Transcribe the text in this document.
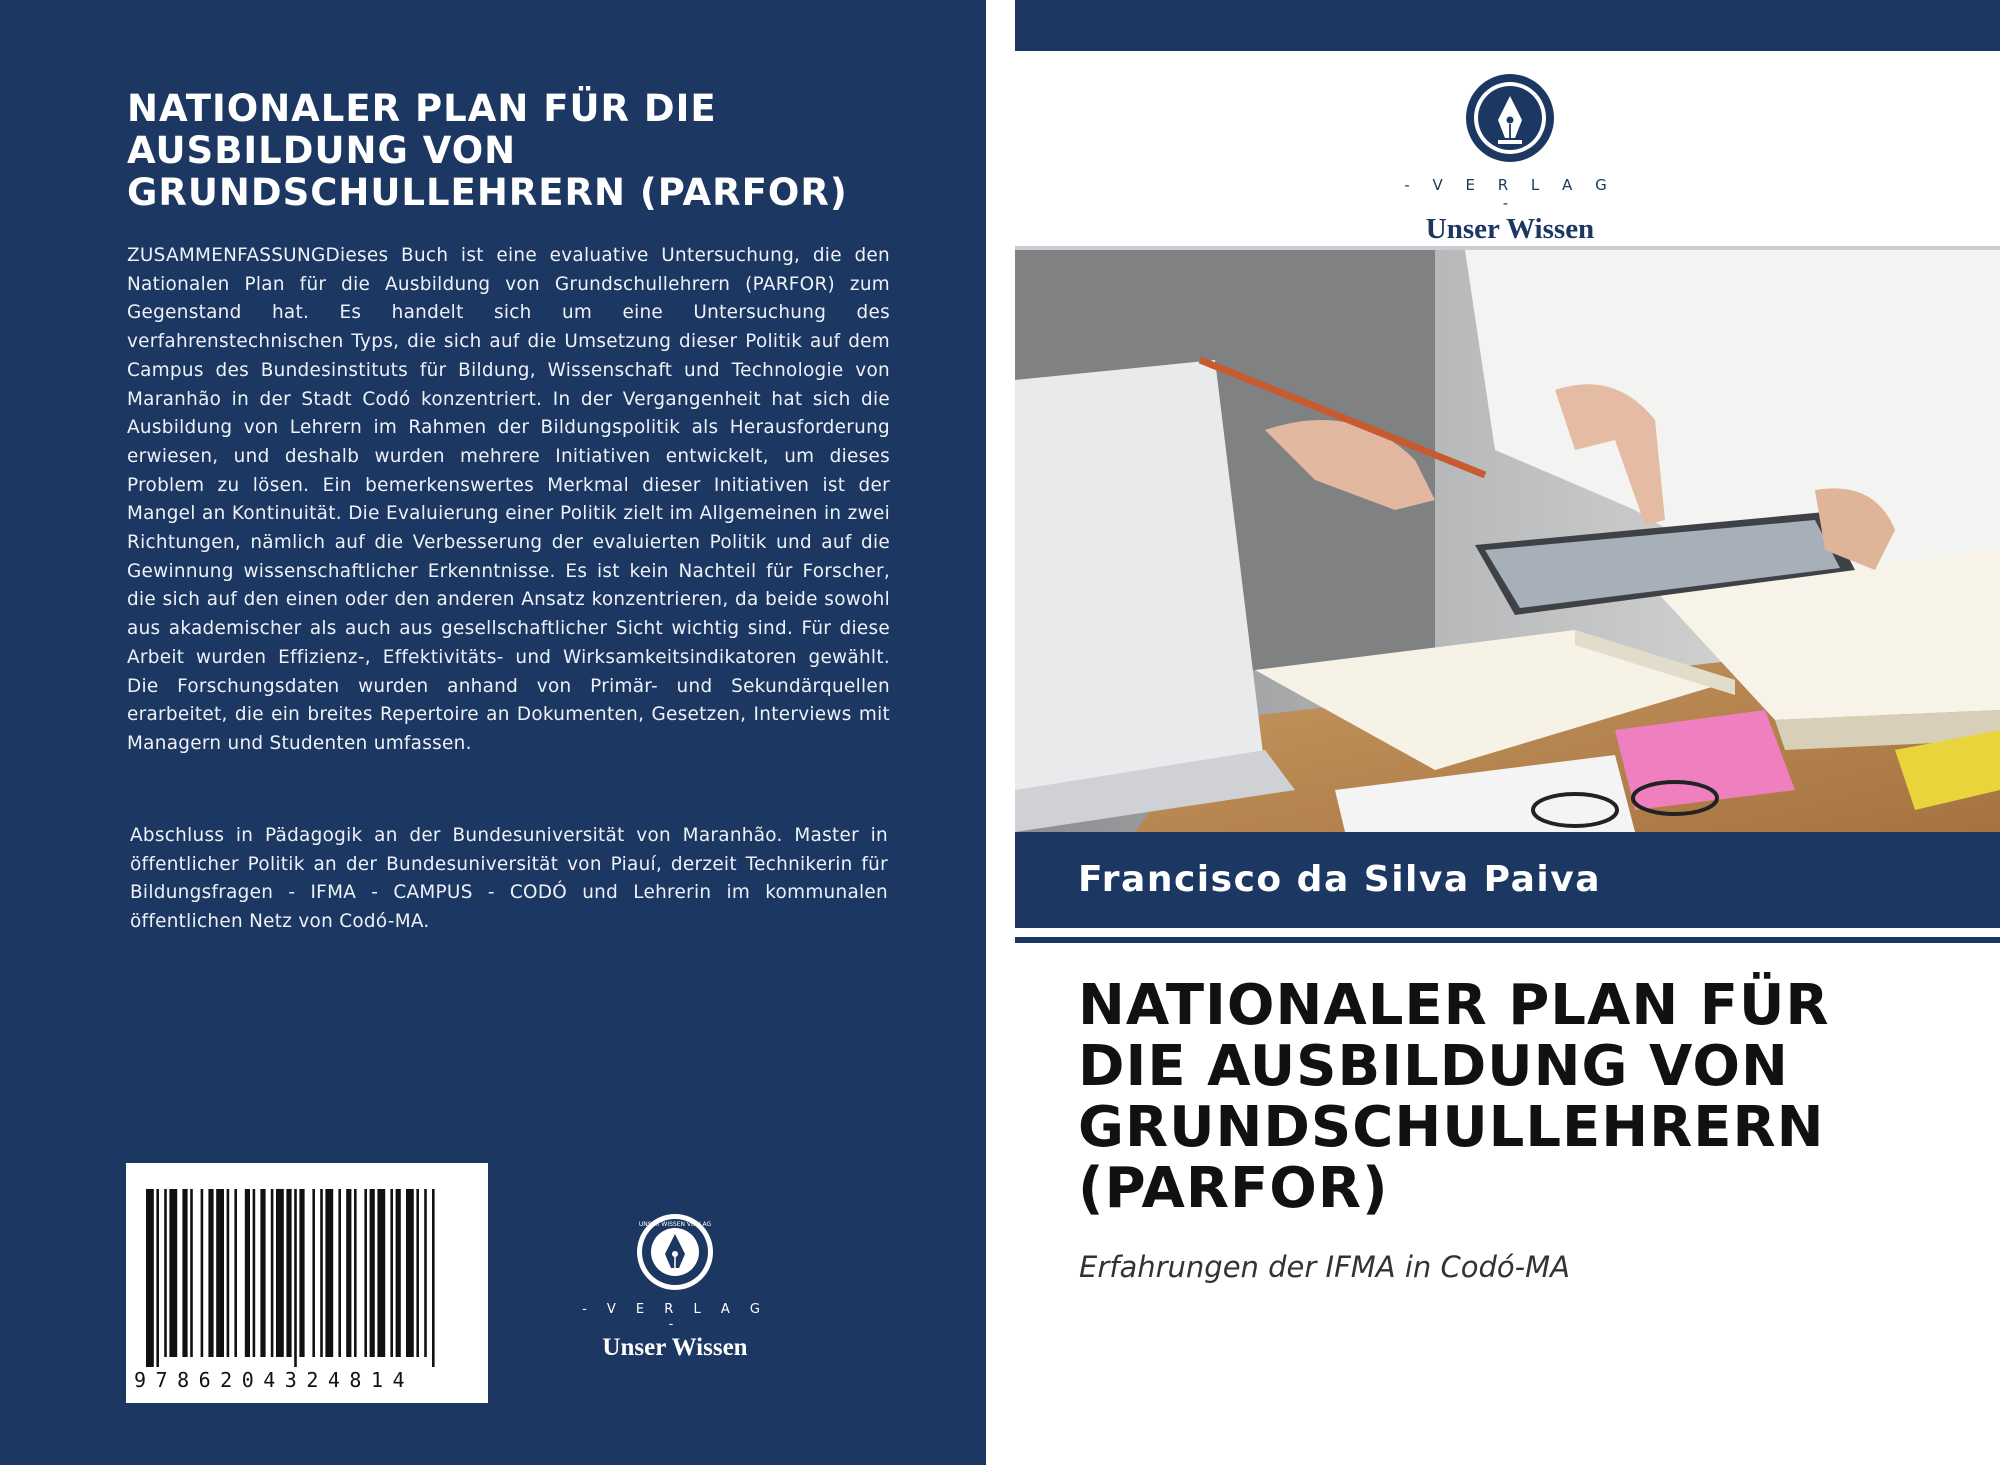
NATIONALER PLAN FÜR DIE AUSBILDUNG VON GRUNDSCHULLEHRERN (PARFOR)
ZUSAMMENFASSUNGDieses Buch ist eine evaluative Untersuchung, die den Nationalen Plan für die Ausbildung von Grundschullehrern (PARFOR) zum Gegenstand hat. Es handelt sich um eine Untersuchung des verfahrenstechnischen Typs, die sich auf die Umsetzung dieser Politik auf dem Campus des Bundesinstituts für Bildung, Wissenschaft und Technologie von Maranhão in der Stadt Codó konzentriert. In der Vergangenheit hat sich die Ausbildung von Lehrern im Rahmen der Bildungspolitik als Herausforderung erwiesen, und deshalb wurden mehrere Initiativen entwickelt, um dieses Problem zu lösen. Ein bemerkenswertes Merkmal dieser Initiativen ist der Mangel an Kontinuität. Die Evaluierung einer Politik zielt im Allgemeinen in zwei Richtungen, nämlich auf die Verbesserung der evaluierten Politik und auf die Gewinnung wissenschaftlicher Erkenntnisse. Es ist kein Nachteil für Forscher, die sich auf den einen oder den anderen Ansatz konzentrieren, da beide sowohl aus akademischer als auch aus gesellschaftlicher Sicht wichtig sind. Für diese Arbeit wurden Effizienz-, Effektivitäts- und Wirksamkeitsindikatoren gewählt. Die Forschungsdaten wurden anhand von Primär- und Sekundärquellen erarbeitet, die ein breites Repertoire an Dokumenten, Gesetzen, Interviews mit Managern und Studenten umfassen.
Abschluss in Pädagogik an der Bundesuniversität von Maranhão. Master in öffentlicher Politik an der Bundesuniversität von Piauí, derzeit Technikerin für Bildungsfragen - IFMA - CAMPUS - CODÓ und Lehrerin im kommunalen öffentlichen Netz von Codó-MA.
9786204324814
UNSER WISSEN VERLAG
- V E R L A G -
Unser Wissen
- V E R L A G -
Unser Wissen
Francisco da Silva Paiva
NATIONALER PLAN FÜR DIE AUSBILDUNG VON GRUNDSCHULLEHRERN (PARFOR)
Erfahrungen der IFMA in Codó-MA
